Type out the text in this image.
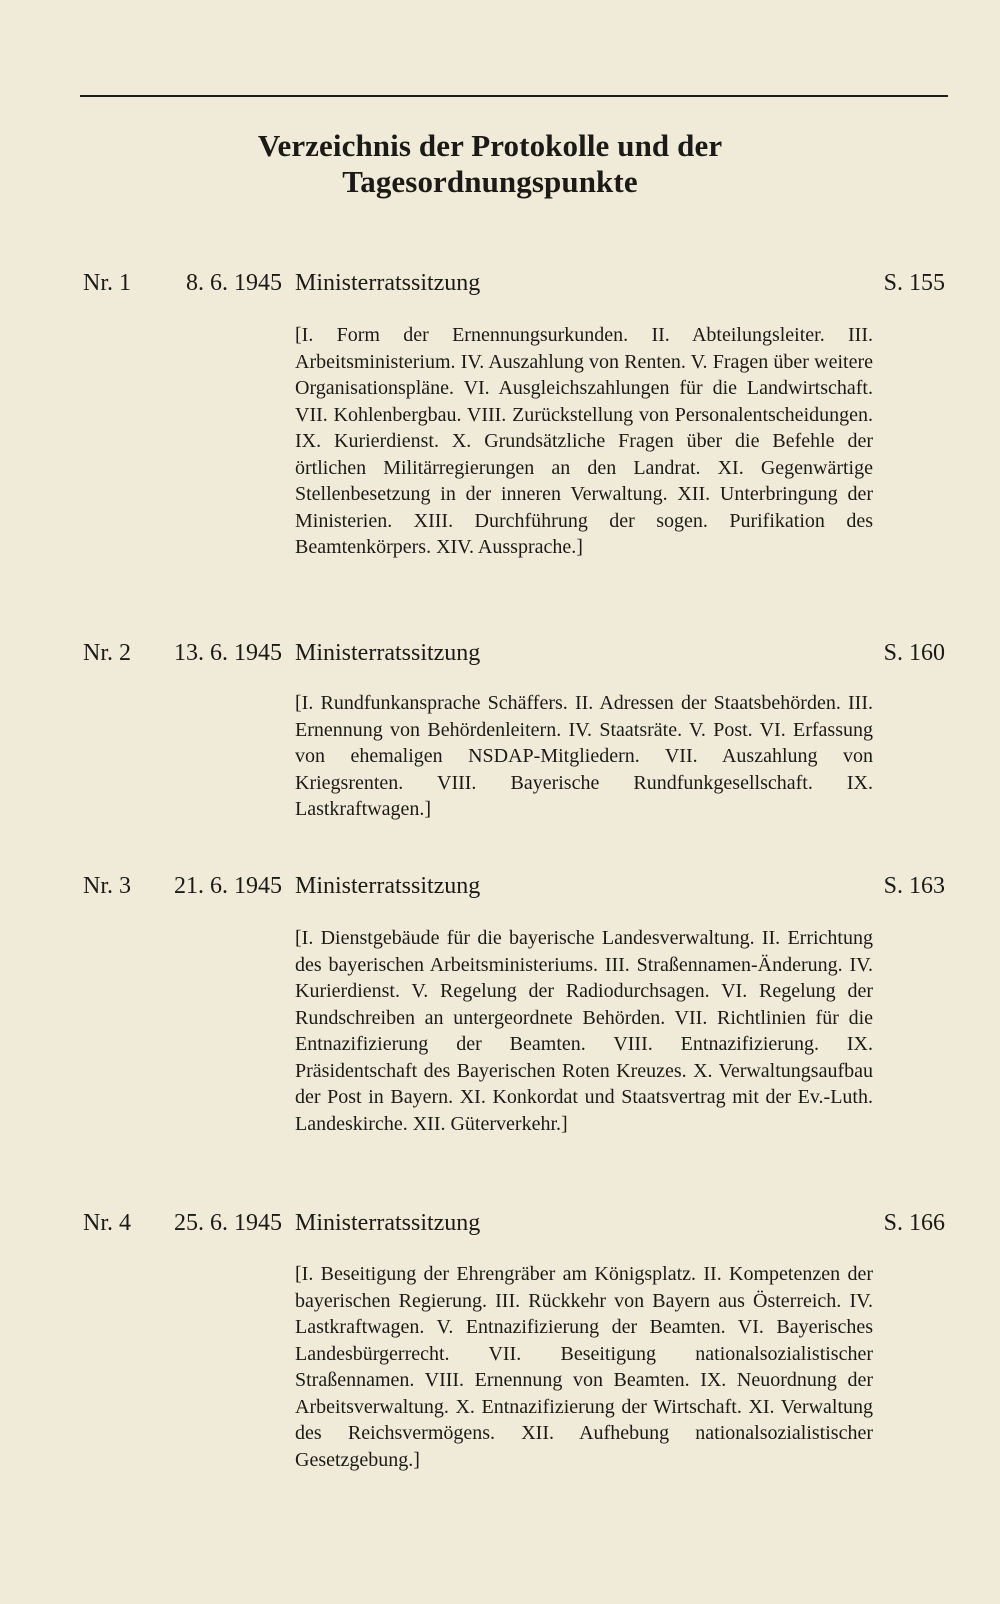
Verzeichnis der Protokolle und der Tagesordnungspunkte
Nr. 1	8. 6. 1945 Ministerratssitzung	S. 155
[I. Form der Ernennungsurkunden. II. Abteilungsleiter. III. Arbeitsministerium. IV. Auszahlung von Renten. V. Fragen über weitere Organisationspläne. VI. Ausgleichszahlungen für die Landwirtschaft. VII. Kohlenbergbau. VIII. Zurückstellung von Personalentscheidungen. IX. Kurierdienst. X. Grundsätzliche Fragen über die Befehle der örtlichen Militärregierungen an den Landrat. XI. Gegenwärtige Stellenbesetzung in der inneren Verwaltung. XII. Unterbringung der Ministerien. XIII. Durchführung der sogen. Purifikation des Beamtenkörpers. XIV. Aussprache.]
Nr. 2	13. 6. 1945 Ministerratssitzung	S. 160
[I. Rundfunkansprache Schäffers. II. Adressen der Staatsbehörden. III. Ernennung von Behördenleitern. IV. Staatsräte. V. Post. VI. Erfassung von ehemaligen NSDAP-Mitgliedern. VII. Auszahlung von Kriegsrenten. VIII. Bayerische Rundfunkgesellschaft. IX. Lastkraftwagen.]
Nr. 3	21. 6. 1945 Ministerratssitzung	S. 163
[I. Dienstgebäude für die bayerische Landesverwaltung. II. Errichtung des bayerischen Arbeitsministeriums. III. Straßennamen-Änderung. IV. Kurierdienst. V. Regelung der Radiodurchsagen. VI. Regelung der Rundschreiben an untergeordnete Behörden. VII. Richtlinien für die Entnazifizierung der Beamten. VIII. Entnazifizierung. IX. Präsidentschaft des Bayerischen Roten Kreuzes. X. Verwaltungsaufbau der Post in Bayern. XI. Konkordat und Staatsvertrag mit der Ev.-Luth. Landeskirche. XII. Güterverkehr.]
Nr. 4	25. 6. 1945 Ministerratssitzung	S. 166
[I. Beseitigung der Ehrengräber am Königsplatz. II. Kompetenzen der bayerischen Regierung. III. Rückkehr von Bayern aus Österreich. IV. Lastkraftwagen. V. Entnazifizierung der Beamten. VI. Bayerisches Landesbürgerrecht. VII. Beseitigung nationalsozialistischer Straßennamen. VIII. Ernennung von Beamten. IX. Neuordnung der Arbeitsverwaltung. X. Entnazifizierung der Wirtschaft. XI. Verwaltung des Reichsvermögens. XII. Aufhebung nationalsozialistischer Gesetzgebung.]
